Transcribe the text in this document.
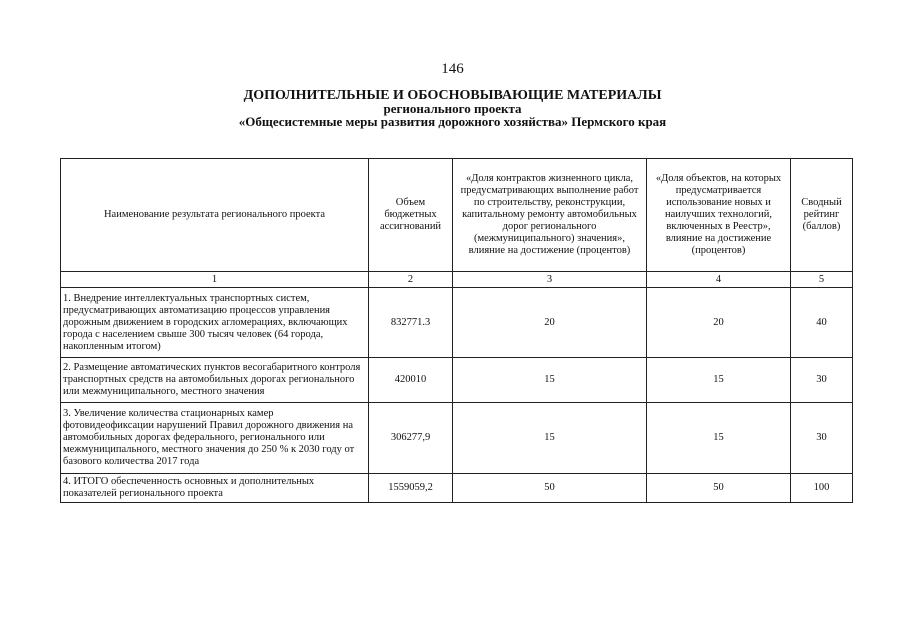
146
ДОПОЛНИТЕЛЬНЫЕ И ОБОСНОВЫВАЮЩИЕ МАТЕРИАЛЫ
регионального проекта
«Общесистемные меры развития дорожного хозяйства» Пермского края
Наименование результата регионального проекта	Объем бюджетных ассигнований	«Доля контрактов жизненного цикла, предусматривающих выполнение работ по строительству, реконструкции, капитальному ремонту автомобильных дорог регионального (межмуниципального) значения», влияние на достижение (процентов)	«Доля объектов, на которых предусматривается использование новых и наилучших технологий, включенных в Реестр», влияние на достижение (процентов)	Сводный рейтинг (баллов)
1	2	3	4	5
1. Внедрение интеллектуальных транспортных систем, предусматривающих автоматизацию процессов управления дорожным движением в городских агломерациях, включающих города с населением свыше 300 тысяч человек (64 города, накопленным итогом)	832771.3	20	20	40
2. Размещение автоматических пунктов весогабаритного контроля транспортных средств на автомобильных дорогах регионального или межмуниципального, местного значения	420010	15	15	30
3. Увеличение количества стационарных камер фотовидеофиксации нарушений Правил дорожного движения на автомобильных дорогах федерального, регионального или межмуниципального, местного значения до 250 % к 2030 году от базового количества 2017 года	306277,9	15	15	30
4. ИТОГО обеспеченность основных и дополнительных показателей регионального проекта	1559059,2	50	50	100
